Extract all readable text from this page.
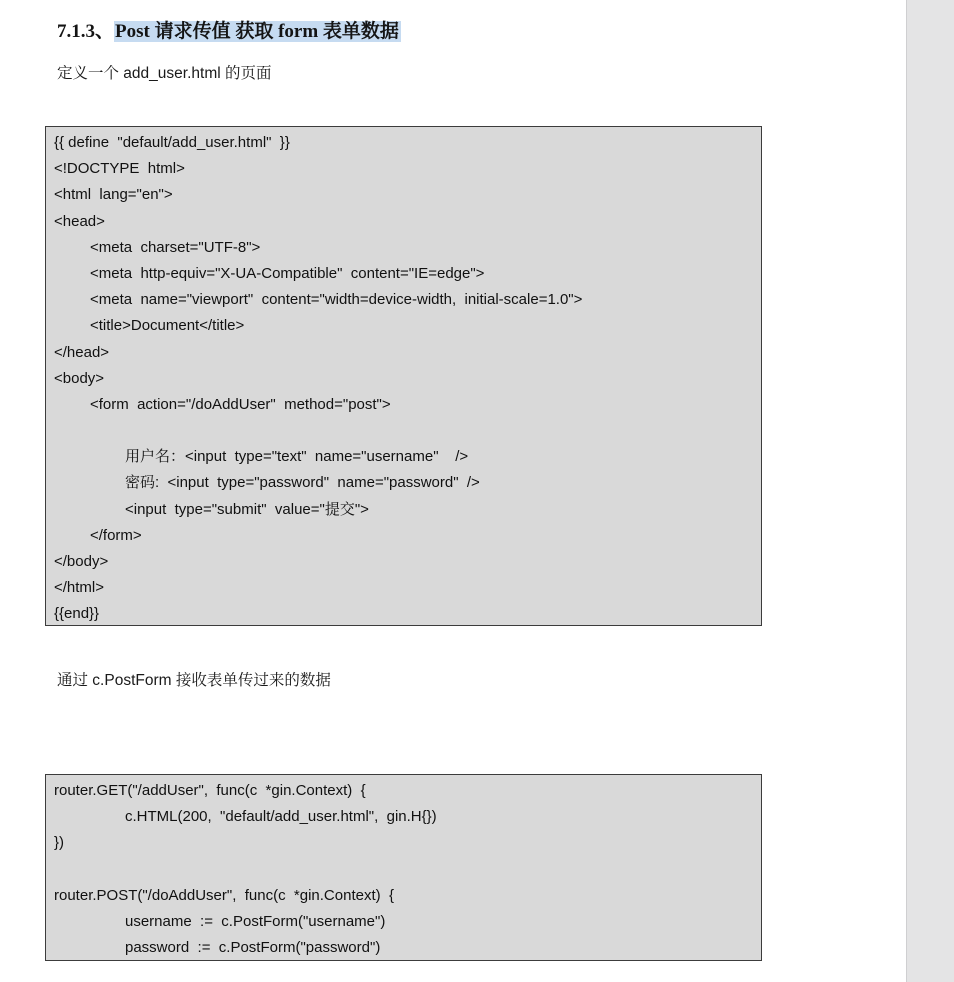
7.1.3、Post 请求传值 获取 form 表单数据
定义一个 add_user.html 的页面
{{ define  "default/add_user.html"  }}
<!DOCTYPE  html>
<html  lang="en">
<head>
<meta  charset="UTF-8">
<meta  http-equiv="X-UA-Compatible"  content="IE=edge">
<meta  name="viewport"  content="width=device-width,  initial-scale=1.0">
<title>Document</title>
</head>
<body>
<form  action="/doAddUser"  method="post">
用户名：<input  type="text"  name="username"    />
密码:  <input  type="password"  name="password"  />
<input  type="submit"  value="提交">
</form>
</body>
</html>
{{end}}
通过 c.PostForm 接收表单传过来的数据
router.GET("/addUser",  func(c  *gin.Context)  {
c.HTML(200,  "default/add_user.html",  gin.H{})
})
router.POST("/doAddUser",  func(c  *gin.Context)  {
username  :=  c.PostForm("username")
password  :=  c.PostForm("password")
